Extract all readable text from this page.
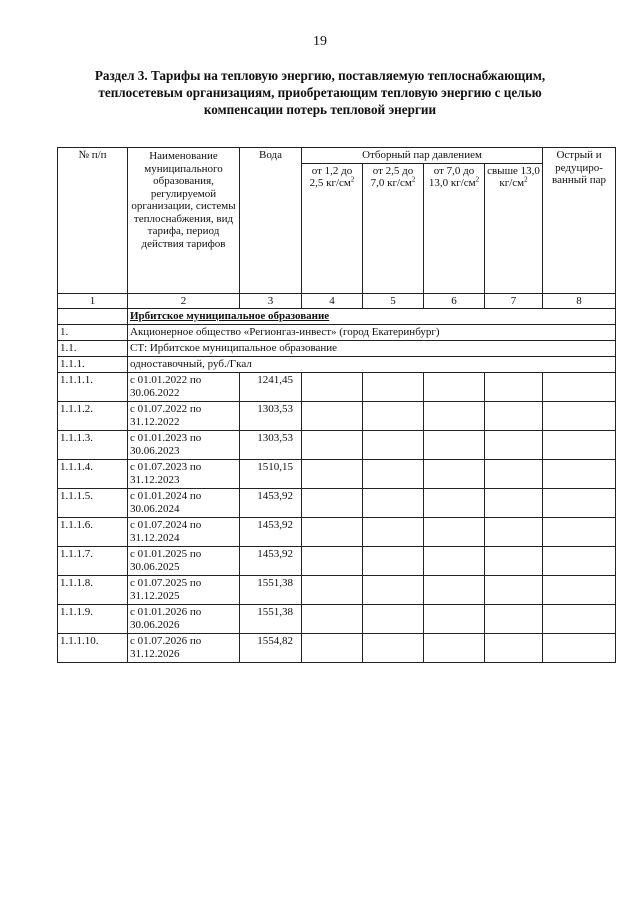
19
Раздел 3. Тарифы на тепловую энергию, поставляемую теплоснабжающим,
теплосетевым организациям, приобретающим тепловую энергию с целью
компенсации потерь тепловой энергии
№ п/п	Наименование муниципального образования, регулируемой организации, системы теплоснабжения, вид тарифа, период действия тарифов	Вода	Отборный пар давлением				Острый и редуциро-ванный пар
			от 1,2 до 2,5 $кг/см^2$	от 2,5 до 7,0 $кг/см^2$	от 7,0 до 13,0 $кг/см^2$	свыше 13,0 $кг/см^2$
1	2	3	4	5	6	7	8
	Ирбитское муниципальное образование						
1.	Акционерное общество «Регионгаз-инвест» (город Екатеринбург)						
1.1.	СТ: Ирбитское муниципальное образование						
1.1.1.	одноставочный, руб./Гкал						
1.1.1.1.	с 01.01.2022 по 30.06.2022	1241,45					
1.1.1.2.	с 01.07.2022 по 31.12.2022	1303,53					
1.1.1.3.	с 01.01.2023 по 30.06.2023	1303,53					
1.1.1.4.	с 01.07.2023 по 31.12.2023	1510,15					
1.1.1.5.	с 01.01.2024 по 30.06.2024	1453,92					
1.1.1.6.	с 01.07.2024 по 31.12.2024	1453,92					
1.1.1.7.	с 01.01.2025 по 30.06.2025	1453,92					
1.1.1.8.	с 01.07.2025 по 31.12.2025	1551,38					
1.1.1.9.	с 01.01.2026 по 30.06.2026	1551,38					
1.1.1.10.	с 01.07.2026 по 31.12.2026	1554,82					
